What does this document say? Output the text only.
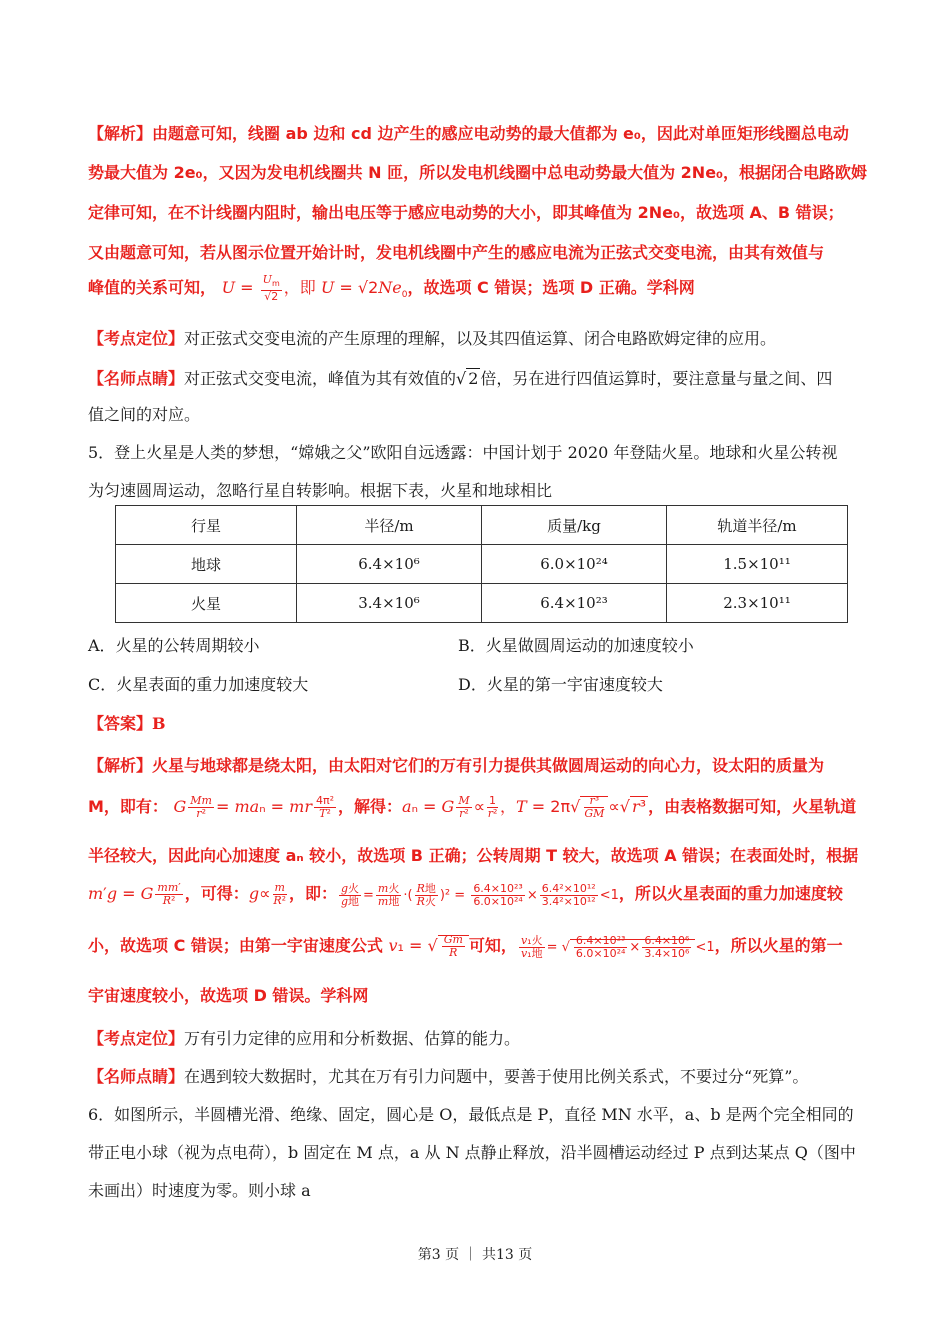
【解析】由题意可知，线圈 ab 边和 cd 边产生的感应电动势的最大值都为 e₀，因此对单匝矩形线圈总电动
势最大值为 2e₀，又因为发电机线圈共 N 匝，所以发电机线圈中总电动势最大值为 2Ne₀，根据闭合电路欧姆
定律可知，在不计线圈内阻时，输出电压等于感应电动势的大小，即其峰值为 2Ne₀，故选项 A、B 错误；
又由题意可知，若从图示位置开始计时，发电机线圈中产生的感应电流为正弦式交变电流，由其有效值与
峰值的关系可知， $U = \frac{U_m}{√2}$ ，即 $U = √2Ne_0$，故选项 C 错误；选项 D 正确。学科网
【考点定位】对正弦式交变电流的产生原理的理解，以及其四值运算、闭合电路欧姆定律的应用。
【名师点睛】对正弦式交变电流，峰值为其有效值的√ 2 倍，另在进行四值运算时，要注意量与量之间、四
值之间的对应。
5．登上火星是人类的梦想，“嫦娥之父”欧阳自远透露：中国计划于 2020 年登陆火星。地球和火星公转视
为匀速圆周运动，忽略行星自转影响。根据下表，火星和地球相比
行星	半径/m	质量/kg	轨道半径/m
地球	6.4×10⁶	6.0×10²⁴	1.5×10¹¹
火星	3.4×10⁶	6.4×10²³	2.3×10¹¹
A．火星的公转周期较小	B．火星做圆周运动的加速度较小
C．火星表面的重力加速度较大	D．火星的第一宇宙速度较大
【答案】B
【解析】火星与地球都是绕太阳，由太阳对它们的万有引力提供其做圆周运动的向心力，设太阳的质量为
M，即有： G $\frac{Mm}{\text{r²}} = ma_n$ = mr $\frac{\text{4π²}}{\text{T²}}$ ，解得：aₙ = G $\frac{M}{\text{r²}} \propto \frac{1}{\text{r²}}$ ，$T = 2\pi√ \frac{\text{r³}}{GM}$ ∝√ r³ ，由表格数据可知，火星轨道
半径较大，因此向心加速度 aₙ 较小，故选项 B 正确；公转周期 T 较大，故选项 A 错误；在表面处时，根据
m′g = G $\frac{mm'}{\text{R²}}$ ，可得：$g\propto \frac{m}{\text{R²}}$ ，即： $\frac{\text{g火}}{\text{g地}} = \frac{\text{m火}}{\text{m地}}$ ·( $\frac{\text{R地}}{\text{R火}} )^2 = \frac{\text{6.4×10²³}}{\text{6.0×10²⁴}} \times \frac{\text{6.4²×10¹²}}{\text{3.4²×10¹²}} <1$，所以火星表面的重力加速度较
小，故选项 C 错误；由第一宇宙速度公式 v₁ = √ $\frac{Gm}{R}$ 可知， $\frac{\text{v₁火}}{\text{v₁地}}$ = √ $\frac{\text{6.4×10²³}}{\text{6.0×10²⁴}} \times \frac{\text{6.4×10⁶}}{\text{3.4×10⁶}} <1$，所以火星的第一
宇宙速度较小，故选项 D 错误。学科网
【考点定位】万有引力定律的应用和分析数据、估算的能力。
【名师点睛】在遇到较大数据时，尤其在万有引力问题中，要善于使用比例关系式，不要过分“死算”。
6．如图所示，半圆槽光滑、绝缘、固定，圆心是 O，最低点是 P，直径 MN 水平，a、b 是两个完全相同的
带正电小球（视为点电荷），b 固定在 M 点，a 从 N 点静止释放，沿半圆槽运动经过 P 点到达某点 Q（图中
未画出）时速度为零。则小球 a
第3 页 ｜ 共13 页
